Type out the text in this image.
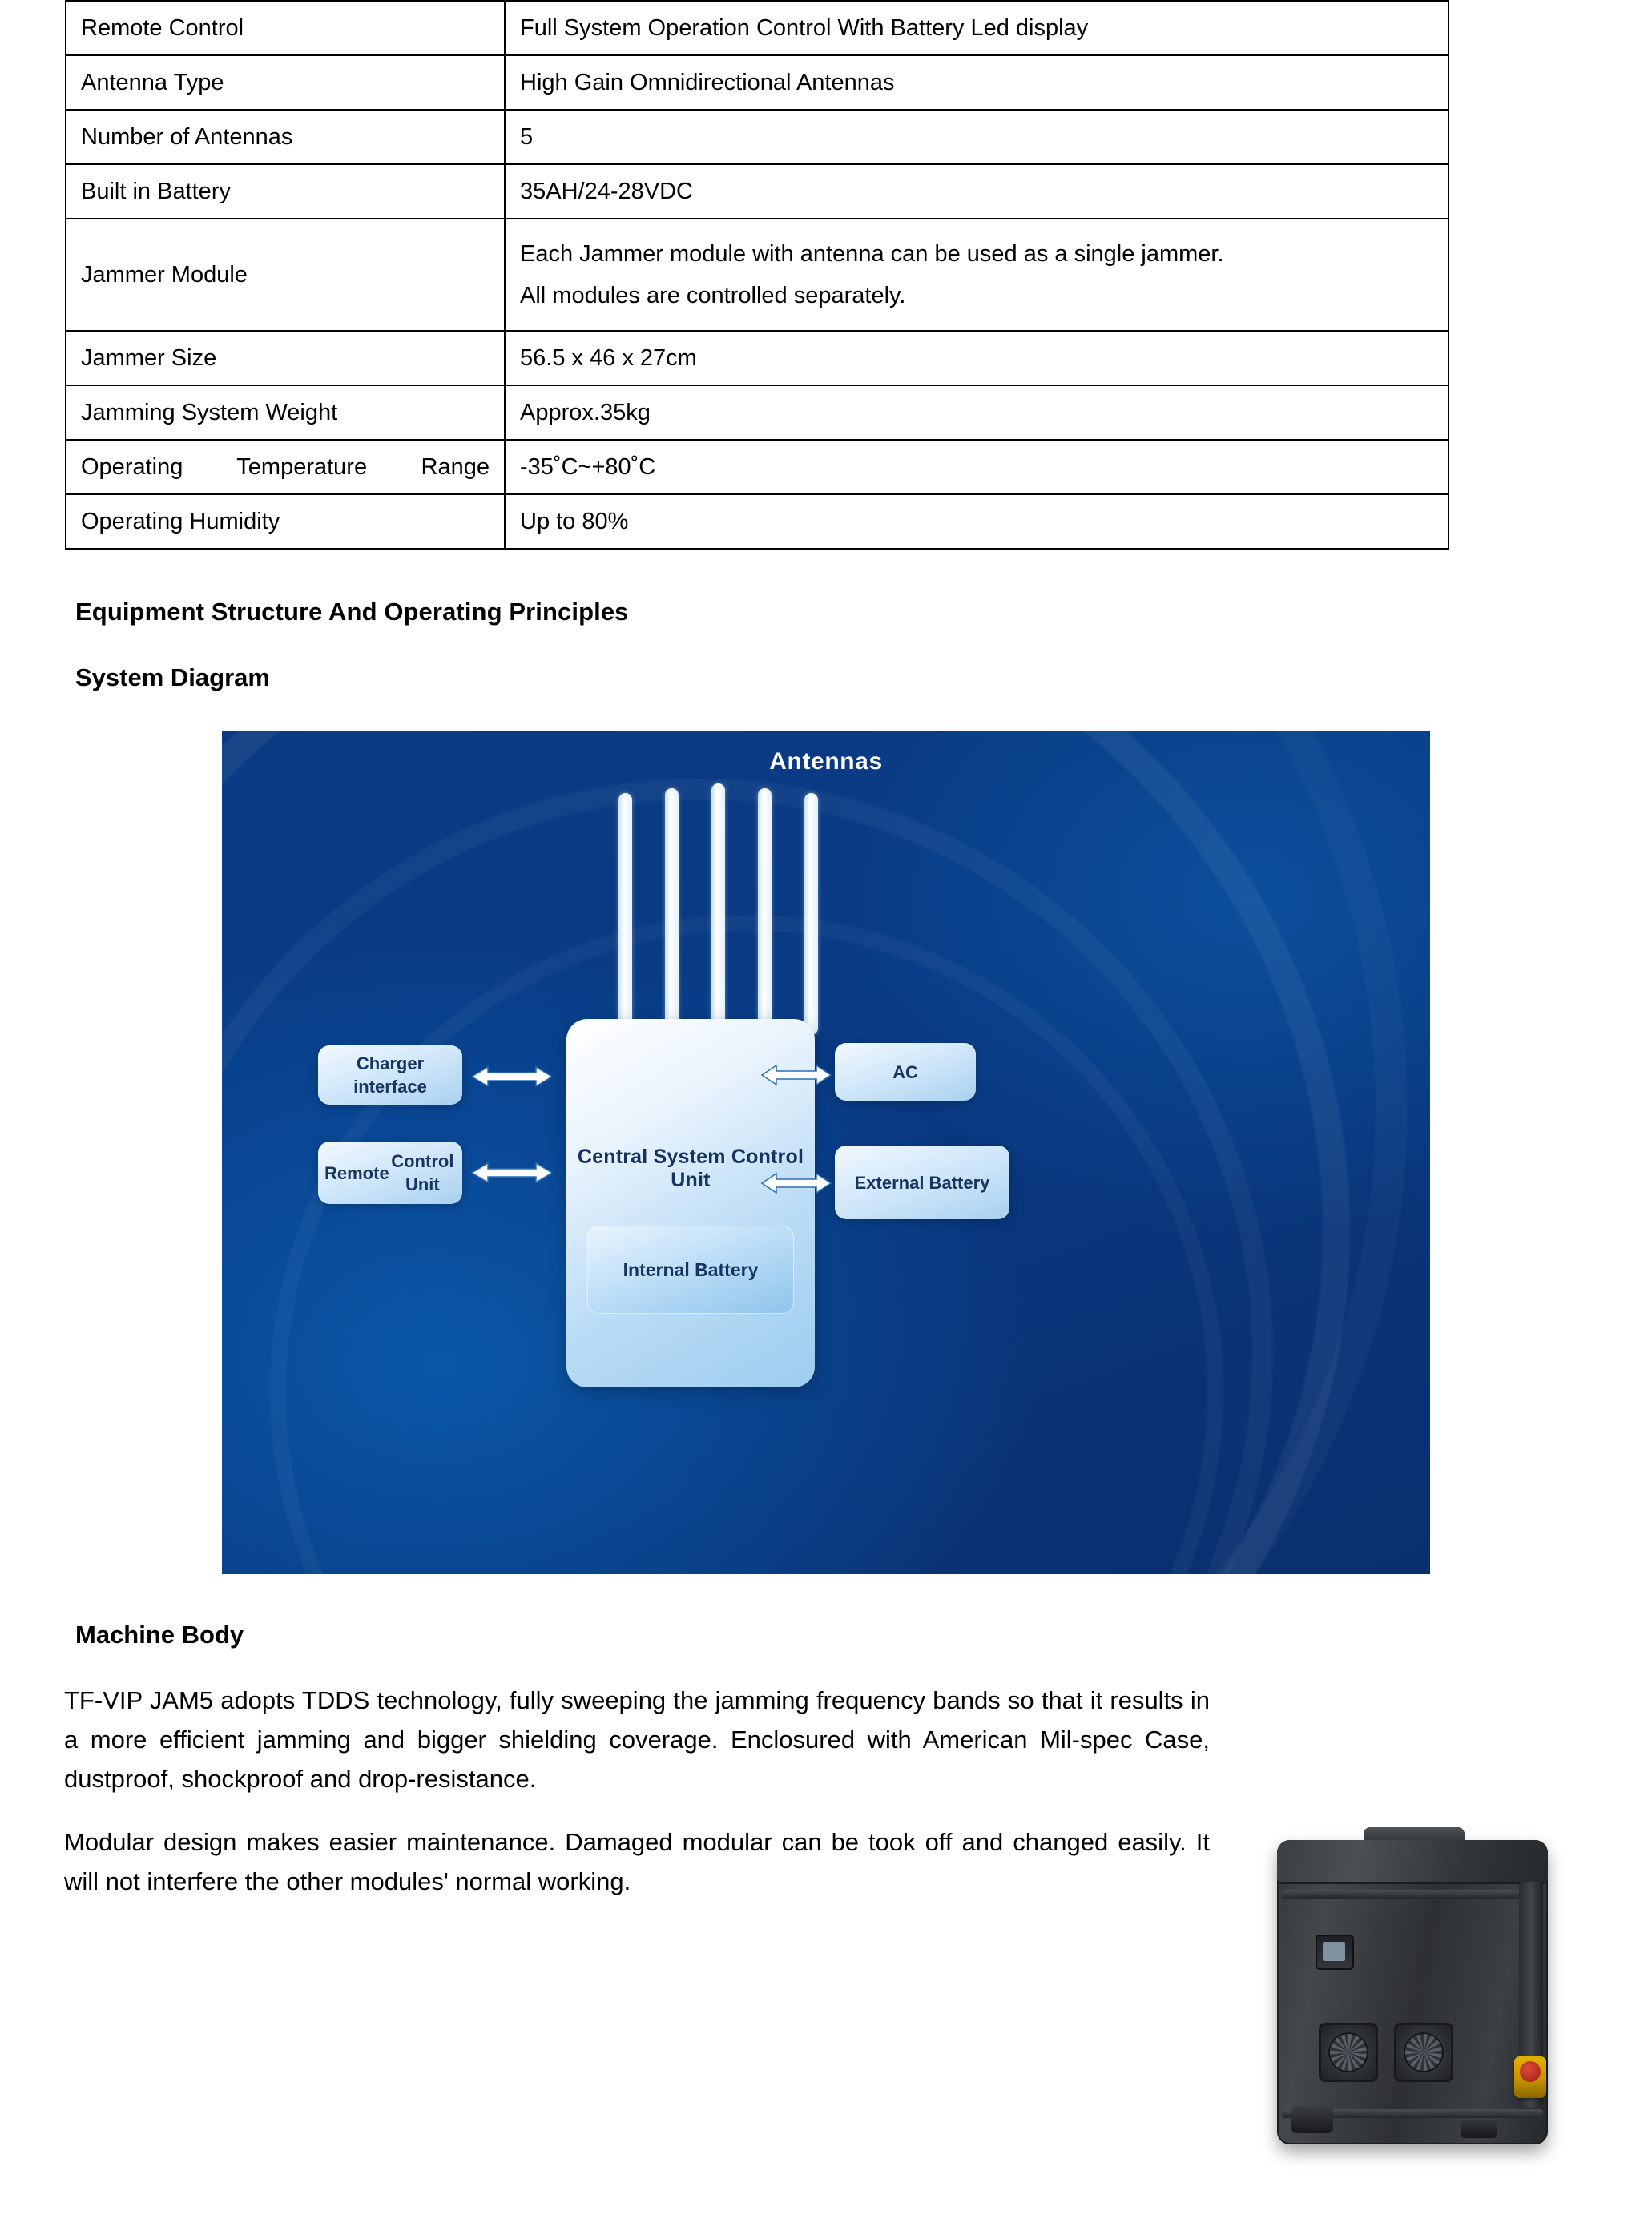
Remote Control	Full System Operation Control With Battery Led display
Antenna Type	High Gain Omnidirectional Antennas
Number of Antennas	5
Built in Battery	35AH/24-28VDC
Jammer Module	Each Jammer module with antenna can be used as a single jammer.
All modules are controlled separately.

Jammer Size	56.5 x 46 x 27cm
Jamming System Weight	Approx.35kg
Operating Temperature Range	-35˚C~+80˚C
Operating Humidity	Up to 80%
Equipment Structure And Operating Principles
System Diagram
Antennas
Central System Control Unit
Internal Battery
Charger interface
Remote

Control Unit
AC
External Battery
Machine Body

TF-VIP JAM5 adopts TDDS technology, fully sweeping the jamming frequency bands so that it results in a more efficient jamming and bigger shielding coverage. Enclosured with American Mil-spec Case, dustproof, shockproof and drop-resistance.

Modular design makes easier maintenance. Damaged modular can be took off and changed easily. It will not interfere the other modules' normal working.
